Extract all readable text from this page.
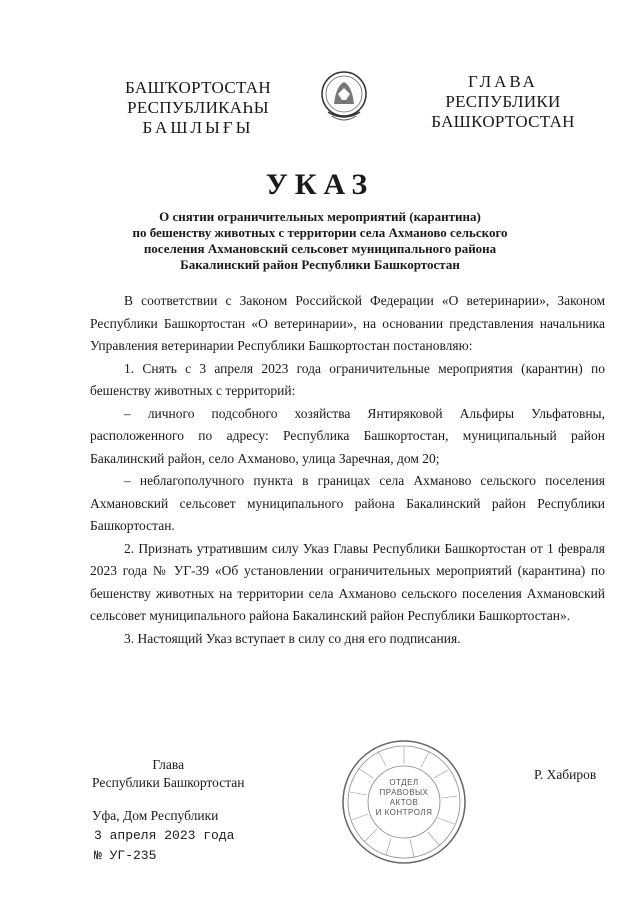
БАШҠОРТОСТАН
РЕСПУБЛИКАҺЫ
БАШЛЫҒЫ
ГЛАВА
РЕСПУБЛИКИ
БАШКОРТОСТАН
УКАЗ
О снятии ограничительных мероприятий (карантина)
по бешенству животных с территории села Ахманово сельского
поселения Ахмановский сельсовет муниципального района
Бакалинский район Республики Башкортостан

В соответствии с Законом Российской Федерации «О ветеринарии», Законом Республики Башкортостан «О ветеринарии», на основании представления начальника Управления ветеринарии Республики Башкортостан постановляю:

1. Снять с 3 апреля 2023 года ограничительные мероприятия (карантин) по бешенству животных с территорий:

– личного подсобного хозяйства Янтиряковой Альфиры Ульфатовны, расположенного по адресу: Республика Башкортостан, муниципальный район Бакалинский район, село Ахманово, улица Заречная, дом 20;

– неблагополучного пункта в границах села Ахманово сельского поселения Ахмановский сельсовет муниципального района Бакалинский район Республики Башкортостан.

2. Признать утратившим силу Указ Главы Республики Башкортостан от 1 февраля 2023 года № УГ-39 «Об установлении ограничительных мероприятий (карантина) по бешенству животных на территории села Ахманово сельского поселения Ахмановский сельсовет муниципального района Бакалинский район Республики Башкортостан».

3. Настоящий Указ вступает в силу со дня его подписания.

Глава
Республики Башкортостан	ОТДЕЛ
ПРАВОВЫХ АКТОВ
И КОНТРОЛЯ
Р. Хабиров
Уфа, Дом Республики
3 апреля 2023 года
№ УГ-235
